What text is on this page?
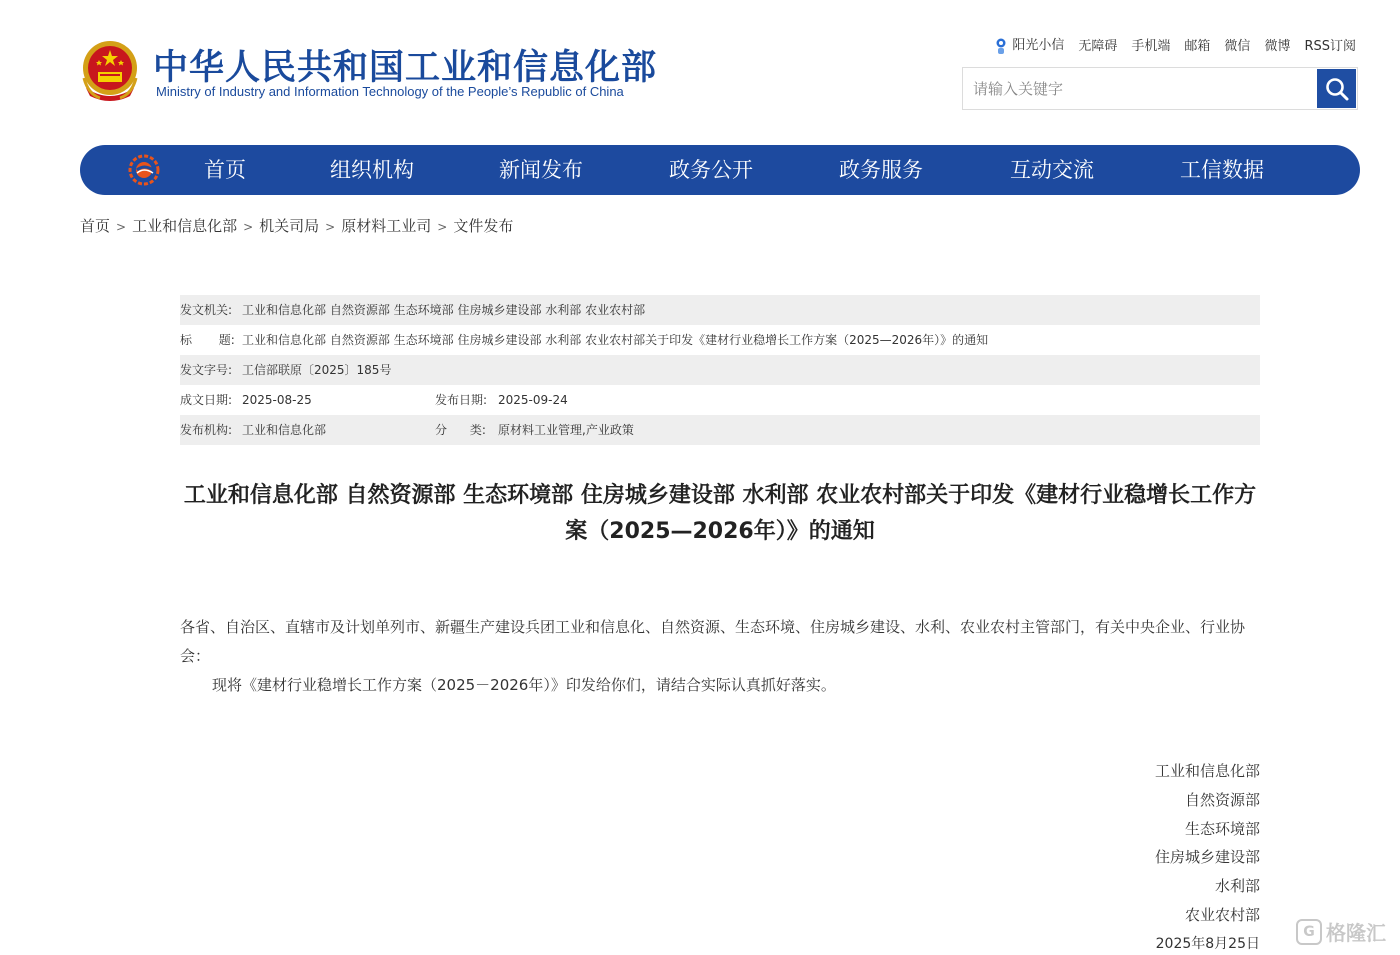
中华人民共和国工业和信息化部
Ministry of Industry and Information Technology of the People’s Republic of China
阳光小信 无障碍 手机端 邮箱 微信 微博 RSS订阅
请输入关键字
首页	组织机构	新闻发布	政务公开	政务服务	互动交流	工信数据
首页 > 工业和信息化部 > 机关司局 > 原材料工业司 > 文件发布
发文机关: 工业和信息化部 自然资源部 生态环境部 住房城乡建设部 水利部 农业农村部
标       题: 工业和信息化部 自然资源部 生态环境部 住房城乡建设部 水利部 农业农村部关于印发《建材行业稳增长工作方案（2025—2026年）》的通知
发文字号: 工信部联原〔2025〕185号
成文日期: 2025-08-25	发布日期: 2025-09-24
发布机构: 工业和信息化部	分      类: 原材料工业管理,产业政策
工业和信息化部 自然资源部 生态环境部 住房城乡建设部 水利部 农业农村部关于印发《建材行业稳增长工作方案（2025—2026年）》的通知

各省、自治区、直辖市及计划单列市、新疆生产建设兵团工业和信息化、自然资源、生态环境、住房城乡建设、水利、农业农村主管部门，有关中央企业、行业协会：

现将《建材行业稳增长工作方案（2025－2026年）》印发给你们，请结合实际认真抓好落实。

工业和信息化部
自然资源部
生态环境部
住房城乡建设部
水利部
农业农村部
2025年8月25日
G 格隆汇
